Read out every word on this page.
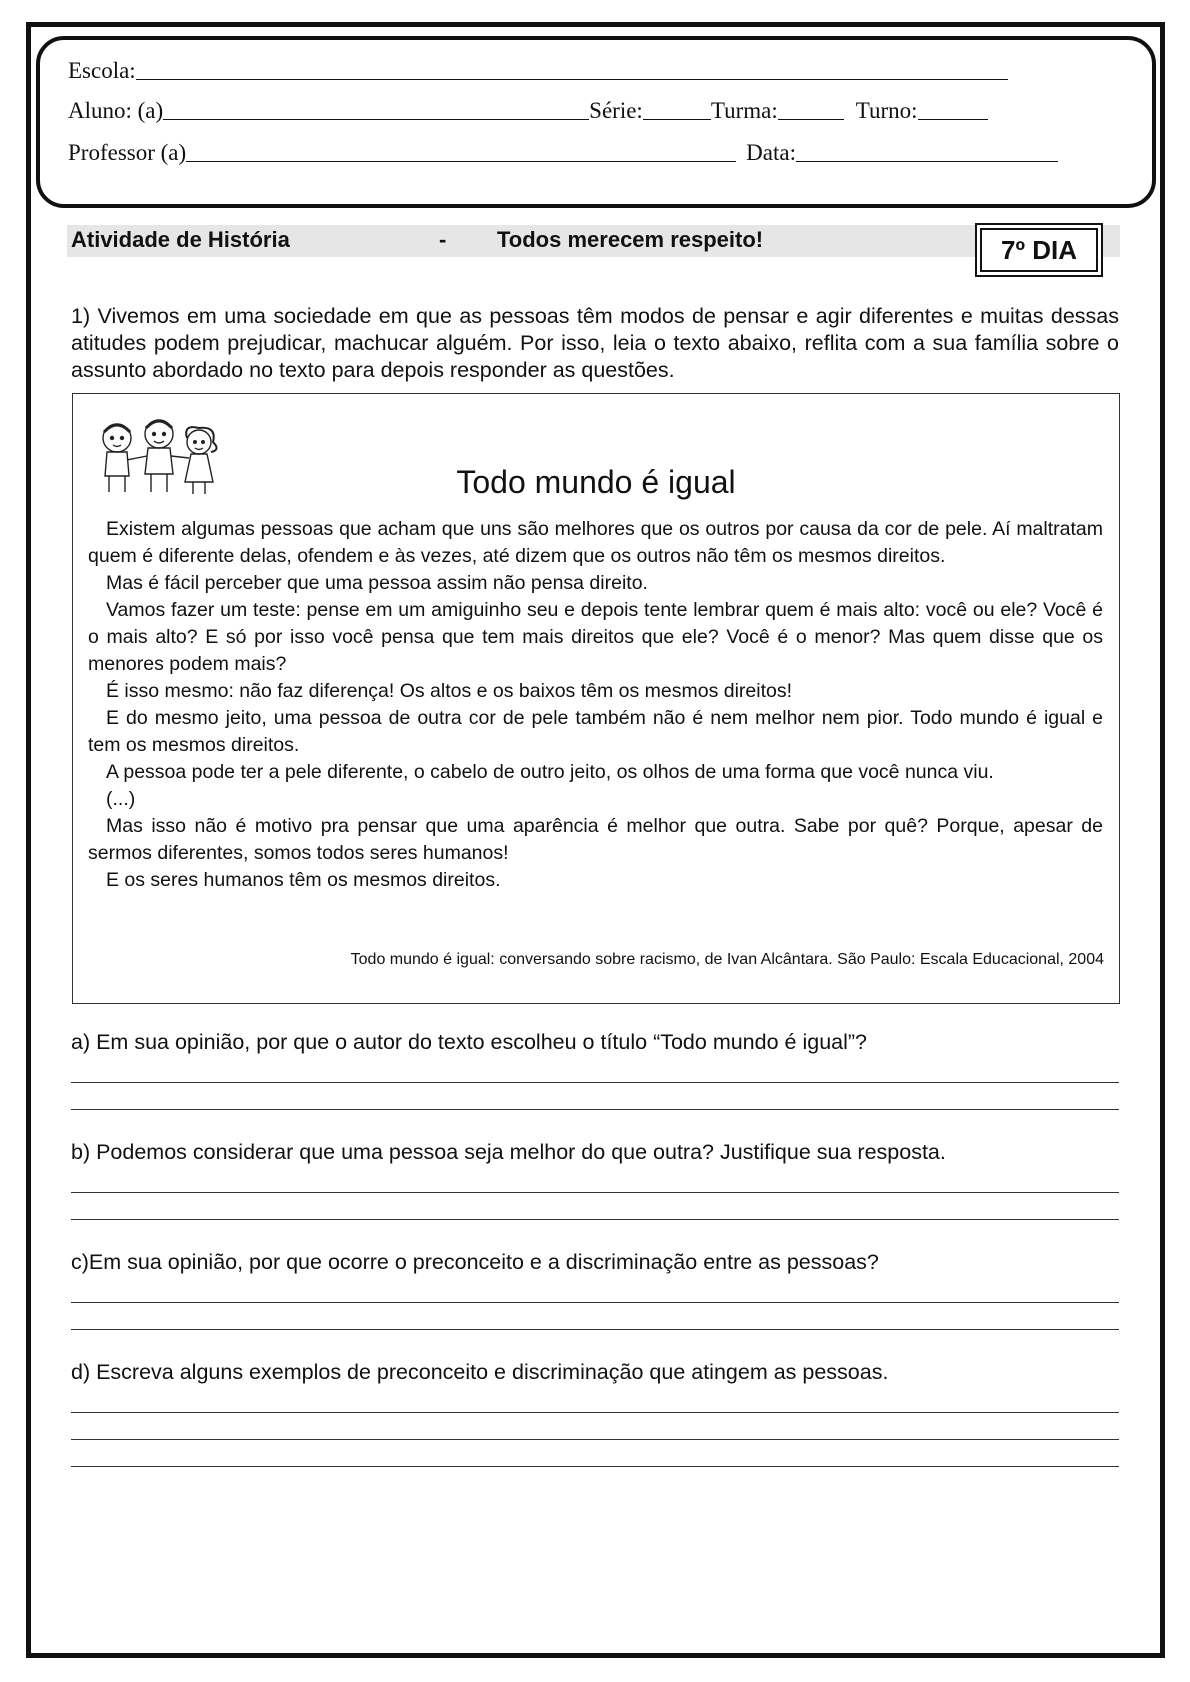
Escola:
Aluno: (a)	Série:	Turma:	Turno:
Professor (a)	Data:
Atividade de História	- Todos merecem respeito!	7º DIA
1) Vivemos em uma sociedade em que as pessoas têm modos de pensar e agir diferentes e muitas dessas atitudes podem prejudicar, machucar alguém. Por isso, leia o texto abaixo, reflita com a sua família sobre o assunto abordado no texto para depois responder as questões.
Todo mundo é igual

Existem algumas pessoas que acham que uns são melhores que os outros por causa da cor de pele. Aí maltratam quem é diferente delas, ofendem e às vezes, até dizem que os outros não têm os mesmos direitos.

Mas é fácil perceber que uma pessoa assim não pensa direito.

Vamos fazer um teste: pense em um amiguinho seu e depois tente lembrar quem é mais alto: você ou ele? Você é o mais alto? E só por isso você pensa que tem mais direitos que ele? Você é o menor? Mas quem disse que os menores podem mais?

É isso mesmo: não faz diferença! Os altos e os baixos têm os mesmos direitos!

E do mesmo jeito, uma pessoa de outra cor de pele também não é nem melhor nem pior. Todo mundo é igual e tem os mesmos direitos.

A pessoa pode ter a pele diferente, o cabelo de outro jeito, os olhos de uma forma que você nunca viu.

(...)

Mas isso não é motivo pra pensar que uma aparência é melhor que outra. Sabe por quê? Porque, apesar de sermos diferentes, somos todos seres humanos!

E os seres humanos têm os mesmos direitos.

Todo mundo é igual: conversando sobre racismo, de Ivan Alcântara. São Paulo: Escala Educacional, 2004
a) Em sua opinião, por que o autor do texto escolheu o título “Todo mundo é igual”?
b) Podemos considerar que uma pessoa seja melhor do que outra? Justifique sua resposta.
c)Em sua opinião, por que ocorre o preconceito e a discriminação entre as pessoas?
d) Escreva alguns exemplos de preconceito e discriminação que atingem as pessoas.
